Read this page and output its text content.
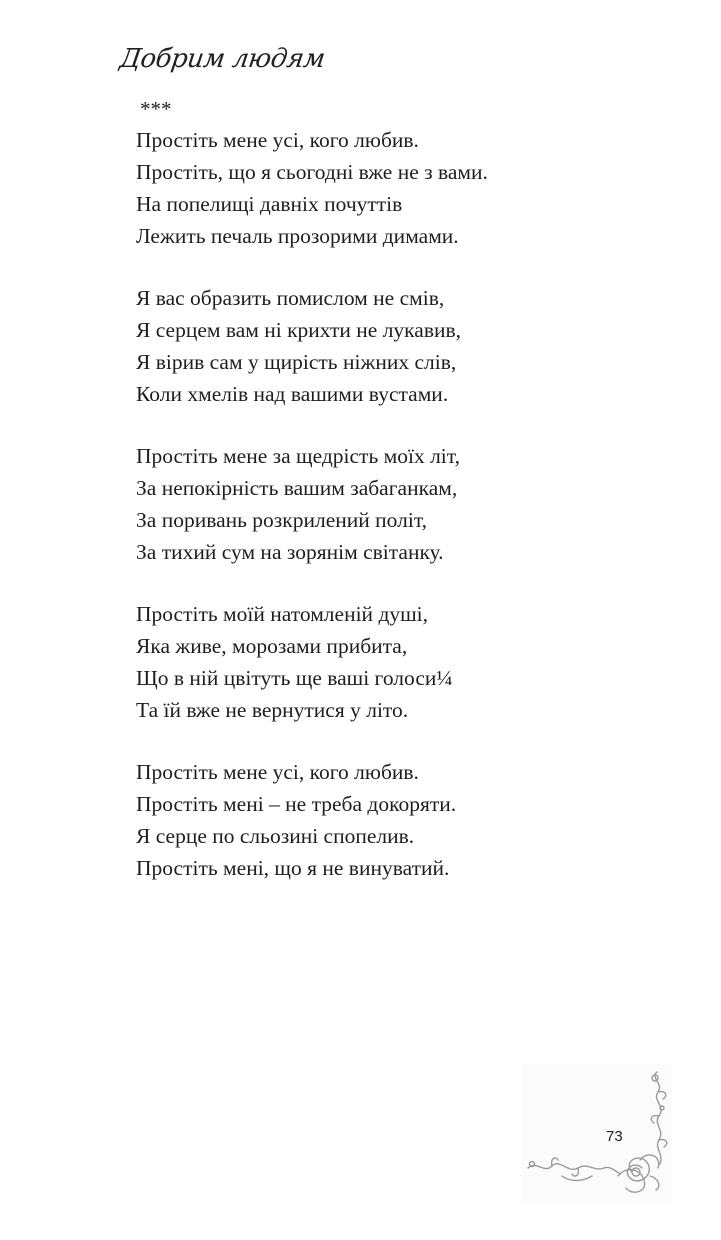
Добрим людям
***
Простіть мене усі, кого любив.
Простіть, що я сьогодні вже не з вами.
На попелищі давніх почуттів
Лежить печаль прозорими димами.
Я вас образить помислом не смів,
Я серцем вам ні крихти не лукавив,
Я вірив сам у щирість ніжних слів,
Коли хмелів над вашими вустами.
Простіть мене за щедрість моїх літ,
За непокірність вашим забаганкам,
За поривань розкрилений політ,
За тихий сум на зорянім світанку.
Простіть моїй натомленій душі,
Яка живе, морозами прибита,
Що в ній цвітуть ще ваші голоси¼
Та їй вже не вернутися у літо.
Простіть мене усі, кого любив.
Простіть мені – не треба докоряти.
Я серце по сльозині спопелив.
Простіть мені, що я не винуватий.
73
